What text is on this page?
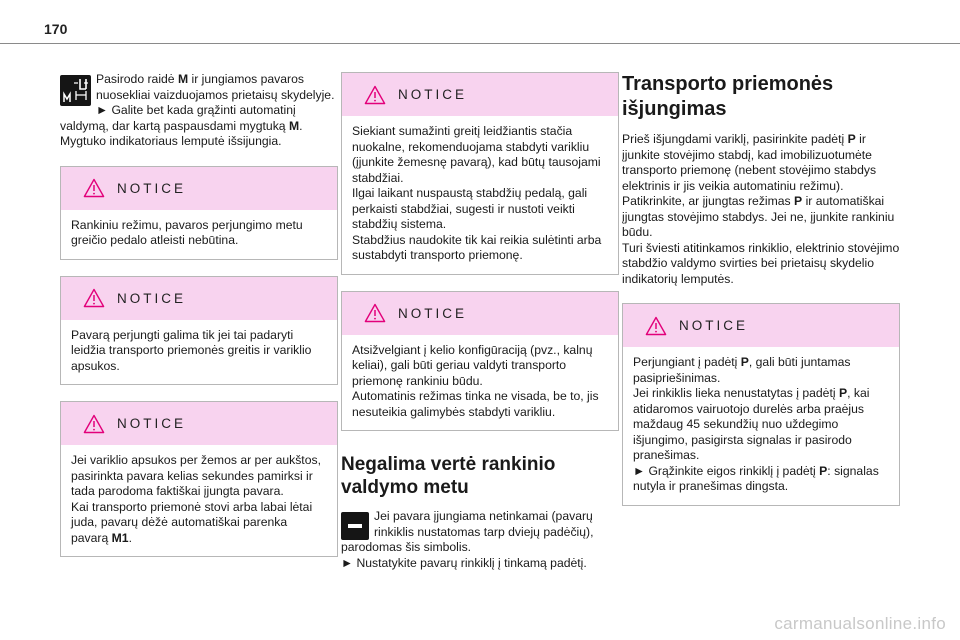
170

Pasirodo raidė M ir jungiamos pavaros nuosekliai vaizduojamos prietaisų skydelyje.

► Galite bet kada grąžinti automatinį valdymą, dar kartą paspausdami mygtuką M.

Mygtuko indikatoriaus lemputė išsijungia.

NOTICE

Rankiniu režimu, pavaros perjungimo metu greičio pedalo atleisti nebūtina.

NOTICE

Pavarą perjungti galima tik jei tai padaryti leidžia transporto priemonės greitis ir variklio apsukos.

NOTICE

Jei variklio apsukos per žemos ar per aukštos, pasirinkta pavara kelias sekundes pamirksi ir tada parodoma faktiškai įjungta pavara.

Kai transporto priemonė stovi arba labai lėtai juda, pavarų dėžė automatiškai parenka pavarą M1.

NOTICE

Siekiant sumažinti greitį leidžiantis stačia nuokalne, rekomenduojama stabdyti varikliu (įjunkite žemesnę pavarą), kad būtų tausojami stabdžiai.

Ilgai laikant nuspaustą stabdžių pedalą, gali perkaisti stabdžiai, sugesti ir nustoti veikti stabdžių sistema.

Stabdžius naudokite tik kai reikia sulėtinti arba sustabdyti transporto priemonę.

NOTICE

Atsižvelgiant į kelio konfigūraciją (pvz., kalnų keliai), gali būti geriau valdyti transporto priemonę rankiniu būdu.

Automatinis režimas tinka ne visada, be to, jis nesuteikia galimybės stabdyti varikliu.

Negalima vertė rankinio valdymo metu

Jei pavara įjungiama netinkamai (pavarų rinkiklis nustatomas tarp dviejų padėčių), parodomas šis simbolis.

► Nustatykite pavarų rinkiklį į tinkamą padėtį.

Transporto priemonės išjungimas

Prieš išjungdami variklį, pasirinkite padėtį P ir įjunkite stovėjimo stabdį, kad imobilizuotumėte transporto priemonę (nebent stovėjimo stabdys elektrinis ir jis veikia automatiniu režimu).

Patikrinkite, ar įjungtas režimas P ir automatiškai įjungtas stovėjimo stabdys. Jei ne, įjunkite rankiniu būdu.

Turi šviesti atitinkamos rinkiklio, elektrinio stovėjimo stabdžio valdymo svirties bei prietaisų skydelio indikatorių lemputės.

NOTICE

Perjungiant į padėtį P, gali būti juntamas pasipriešinimas.

Jei rinkiklis lieka nenustatytas į padėtį P, kai atidaromos vairuotojo durelės arba praėjus maždaug 45 sekundžių nuo uždegimo išjungimo, pasigirsta signalas ir pasirodo pranešimas.

► Grąžinkite eigos rinkiklį į padėtį P: signalas nutyla ir pranešimas dingsta.

carmanualsonline.info
